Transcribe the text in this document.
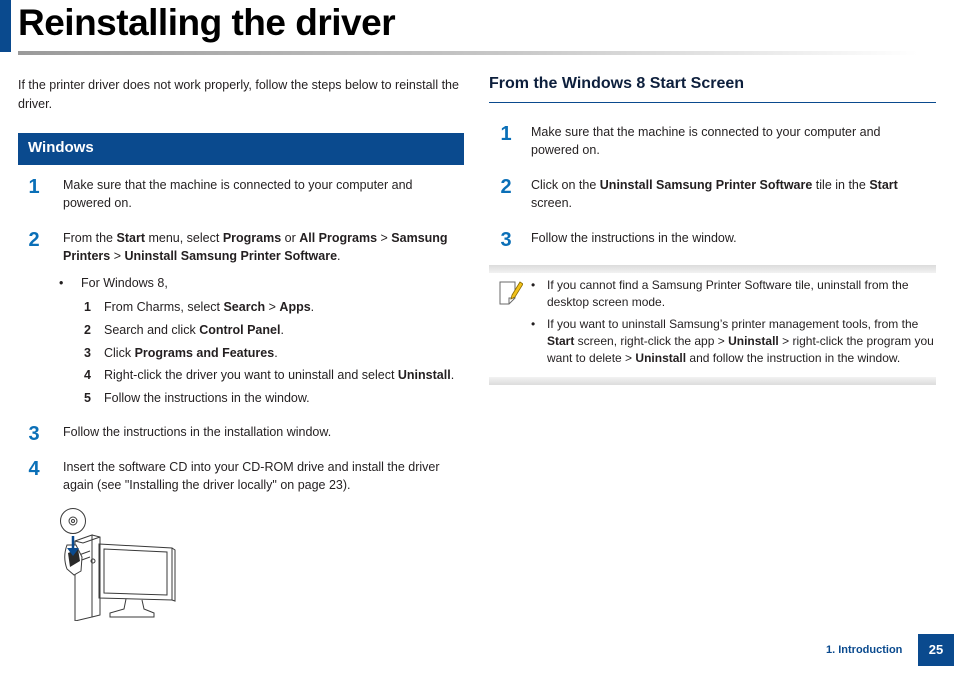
Reinstalling the driver

If the printer driver does not work properly, follow the steps below to reinstall the driver.

Windows
1	Make sure that the machine is connected to your computer and powered on.
2	From the Start menu, select Programs or All Programs > Samsung Printers > Uninstall Samsung Printer Software.
• For Windows 8,
1 From Charms, select Search > Apps.
2 Search and click Control Panel.
3 Click Programs and Features.
4 Right-click the driver you want to uninstall and select Uninstall.
5 Follow the instructions in the window.
3	Follow the instructions in the installation window.
4	Insert the software CD into your CD-ROM drive and install the driver again (see "Installing the driver locally" on page 23).
From the Windows 8 Start Screen
1	Make sure that the machine is connected to your computer and powered on.
2	Click on the Uninstall Samsung Printer Software tile in the Start screen.
3	Follow the instructions in the window.
• If you cannot find a Samsung Printer Software tile, uninstall from the desktop screen mode.
• If you want to uninstall Samsung’s printer management tools, from the Start screen, right-click the app > Uninstall > right-click the program you want to delete > Uninstall and follow the instruction in the window.
1. Introduction	25
